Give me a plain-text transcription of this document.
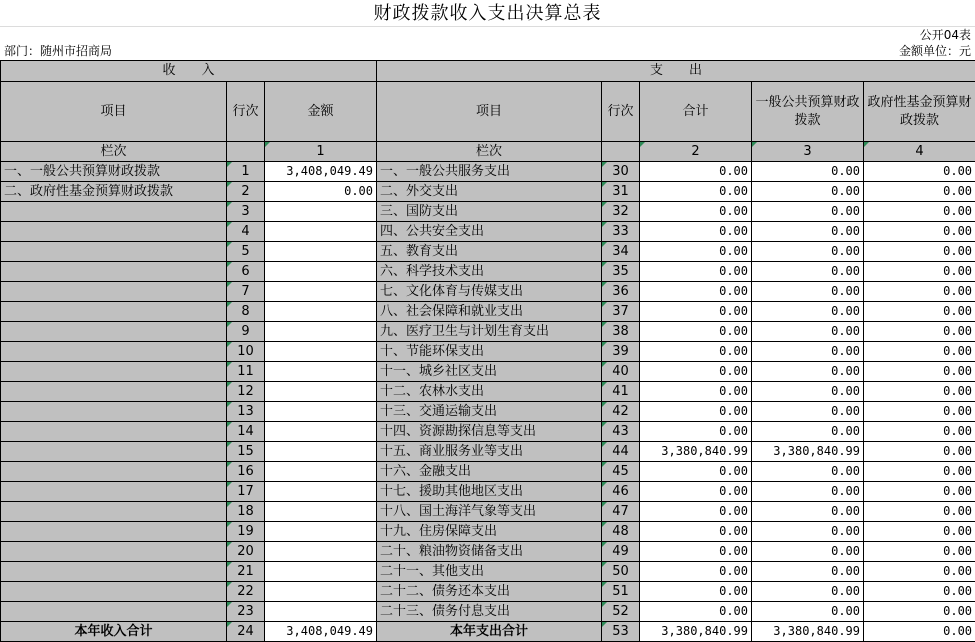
财政拨款收入支出决算总表
公开04表
部门：随州市招商局	金额单位：元
收　　入			支　　出				
项目	行次	金额	项目	行次	合计	一般公共预算财政拨款	政府性基金预算财政拨款
栏次		1	栏次		2	3	4
一、一般公共预算财政拨款	1	3,408,049.49	一、一般公共服务支出	30	0.00	0.00	0.00
二、政府性基金预算财政拨款	2	0.00	二、外交支出	31	0.00	0.00	0.00
	3		三、国防支出	32	0.00	0.00	0.00
	4		四、公共安全支出	33	0.00	0.00	0.00
	5		五、教育支出	34	0.00	0.00	0.00
	6		六、科学技术支出	35	0.00	0.00	0.00
	7		七、文化体育与传媒支出	36	0.00	0.00	0.00
	8		八、社会保障和就业支出	37	0.00	0.00	0.00
	9		九、医疗卫生与计划生育支出	38	0.00	0.00	0.00
	10		十、节能环保支出	39	0.00	0.00	0.00
	11		十一、城乡社区支出	40	0.00	0.00	0.00
	12		十二、农林水支出	41	0.00	0.00	0.00
	13		十三、交通运输支出	42	0.00	0.00	0.00
	14		十四、资源勘探信息等支出	43	0.00	0.00	0.00
	15		十五、商业服务业等支出	44	3,380,840.99	3,380,840.99	0.00
	16		十六、金融支出	45	0.00	0.00	0.00
	17		十七、援助其他地区支出	46	0.00	0.00	0.00
	18		十八、国土海洋气象等支出	47	0.00	0.00	0.00
	19		十九、住房保障支出	48	0.00	0.00	0.00
	20		二十、粮油物资储备支出	49	0.00	0.00	0.00
	21		二十一、其他支出	50	0.00	0.00	0.00
	22		二十二、债务还本支出	51	0.00	0.00	0.00
	23		二十三、债务付息支出	52	0.00	0.00	0.00
本年收入合计	24	3,408,049.49	本年支出合计	53	3,380,840.99	3,380,840.99	0.00
